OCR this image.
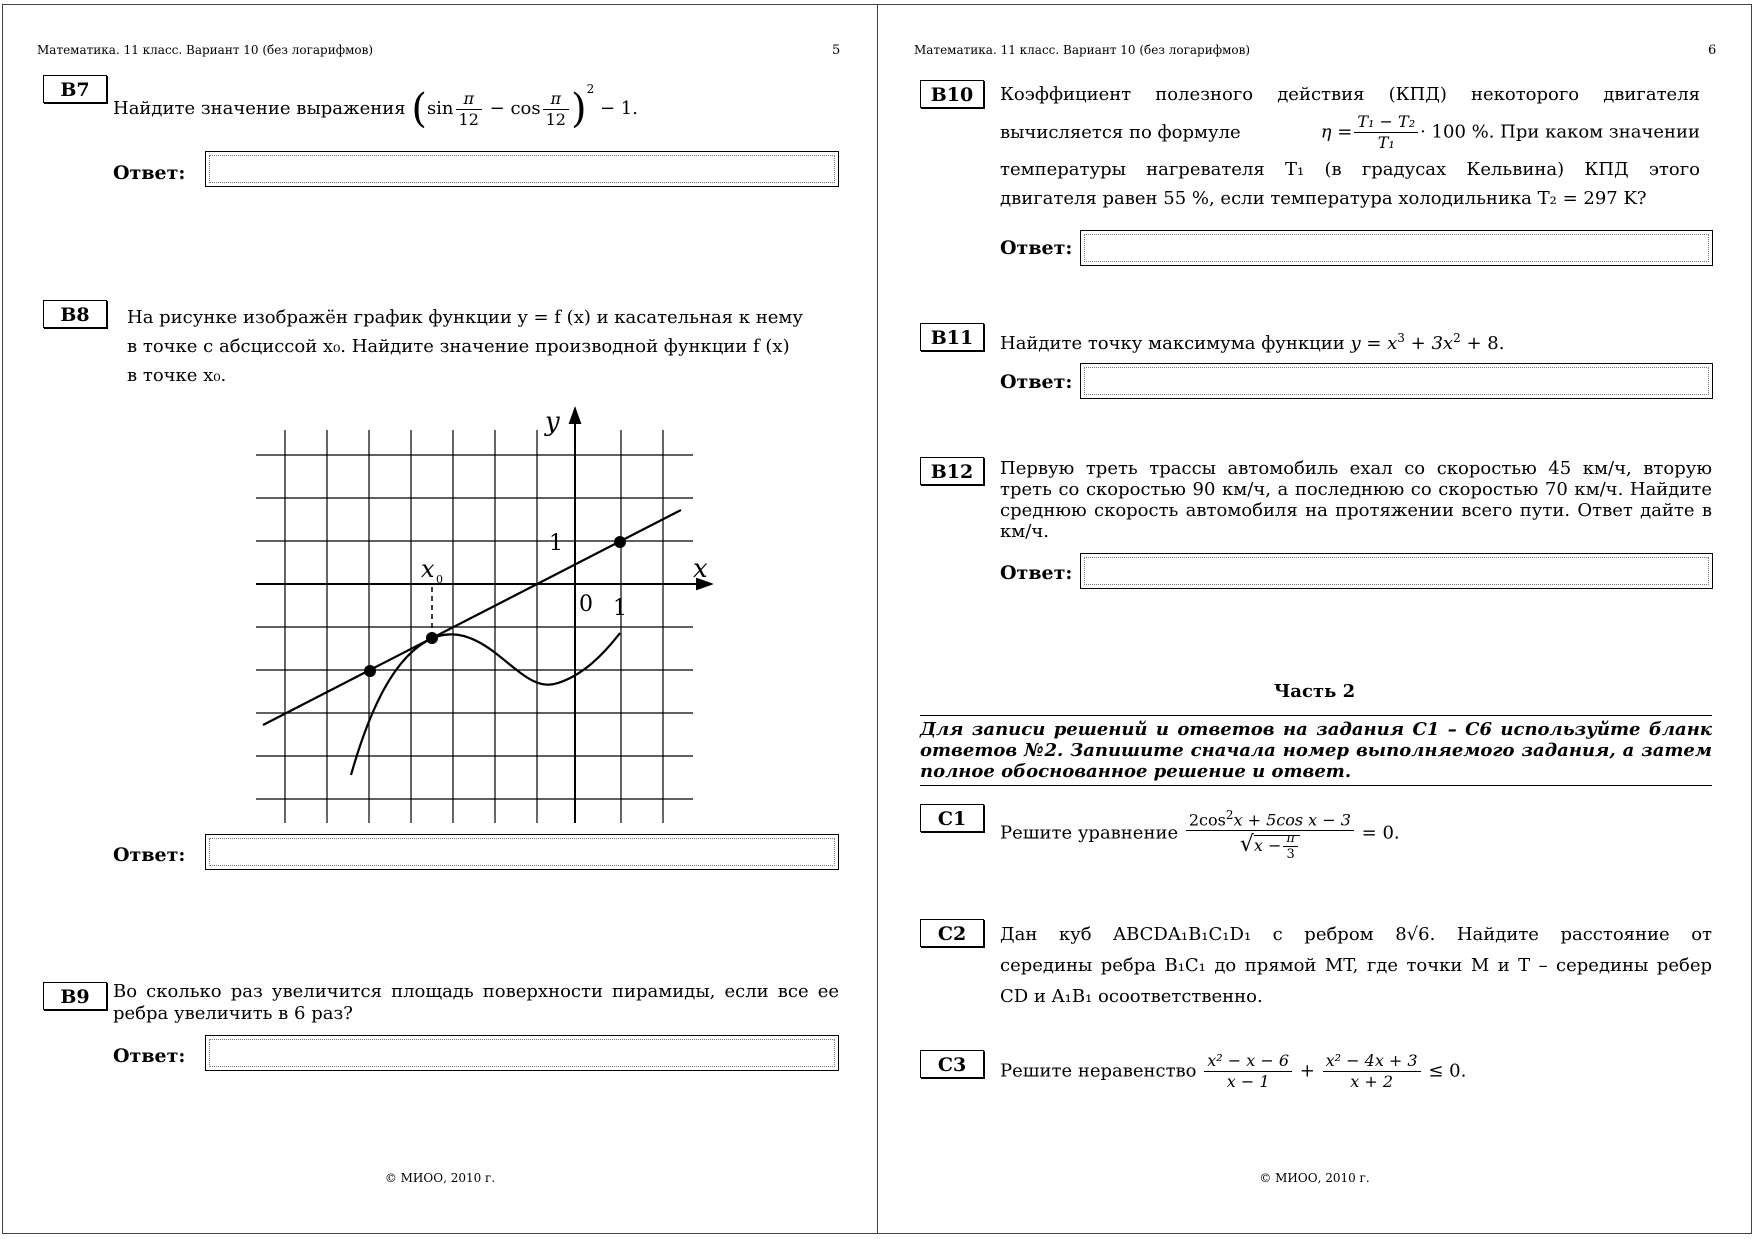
Математика. 11 класс. Вариант 10 (без логарифмов)	5
B7
Найдите значение выражения $(\sin \frac{\pi}{12} - \cos \frac{\pi}{12} )^2 - 1$.
Ответ:
B8	На рисунке изображён график функции y = f (x) и касательная к нему
в точке с абсциссой x₀. Найдите значение производной функции f (x)
в точке x₀.
y
x
x 0
0 1
1
Ответ:
B9	Во сколько раз увеличится площадь поверхности пирамиды, если все ее ребра увеличить в 6 раз?
Ответ:
© МИОО, 2010 г.
Математика. 11 класс. Вариант 10 (без логарифмов)	6
B10	Коэффициент полезного действия (КПД) некоторого двигателя
вычисляется по формуле	$\eta = \frac{\text{T₁ − T₂}}{\text{T₁}} \cdot 100$ %. При каком значении
температуры нагревателя T₁ (в градусах Кельвина) КПД этого
двигателя равен 55 %, если температура холодильника T₂ = 297 K?
Ответ:
B11	Найдите точку максимума функции $y = x^3 + 3x^2 + 8$.
Ответ:
B12	Первую треть трассы автомобиль ехал со скоростью 45 км/ч, вторую треть со скоростью 90 км/ч, а последнюю со скоростью 70 км/ч. Найдите среднюю скорость автомобиля на протяжении всего пути. Ответ дайте в км/ч.
Ответ:
Часть 2
Для записи решений и ответов на задания C1 – C6 используйте бланк ответов №2. Запишите сначала номер выполняемого задания, а затем полное обоснованное решение и ответ.
C1
Решите уравнение $\frac{2\cos^2x + 5\cos x - 3}{√x - \frac{\pi}{3}} = 0$.
C2	Дан куб ABCDA₁B₁C₁D₁ с ребром 8√6. Найдите расстояние от
середины ребра B₁C₁ до прямой MT, где точки M и T – середины ребер
CD и A₁B₁ осоответственно.
C3	Решите неравенство $\frac{\text{x² − x − 6}}{x - 1} + \frac{\text{x² − 4x + 3}}{x + 2} \le 0$.
© МИОО, 2010 г.
